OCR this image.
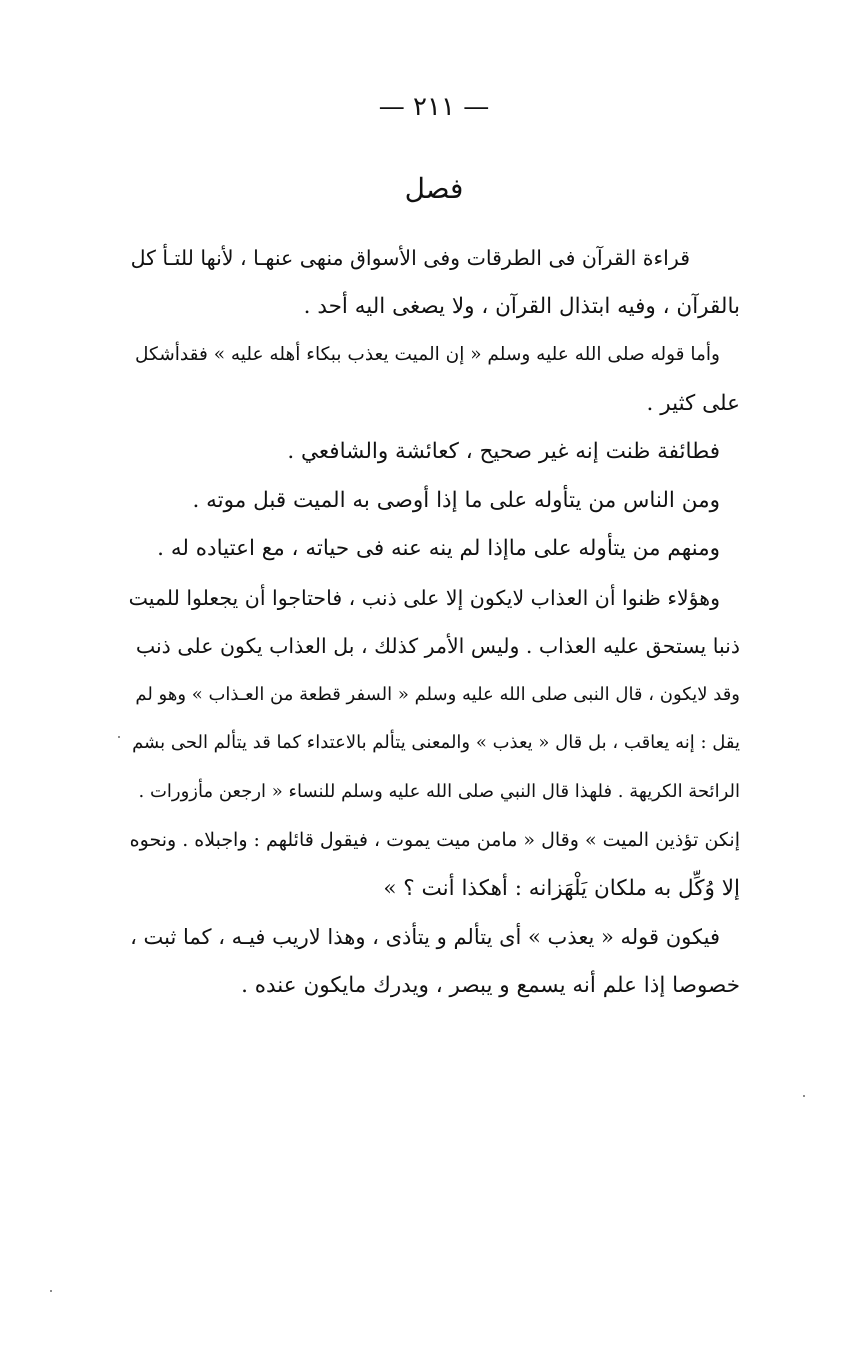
— ٢١١ —
فصل
قراءة القرآن فى الطرقات وفى الأسواق منهى عنهـا ، لأنها للتـأ كل
بالقرآن ، وفيه ابتذال القرآن ، ولا يصغى اليه أحد .
وأما قوله صلى الله عليه وسلم « إن الميت يعذب ببكاء أهله عليه » فقدأشكل
على كثير .
فطائفة ظنت إنه غير صحيح ، كعائشة والشافعي .
ومن الناس من يتأوله على ما إذا أوصى به الميت قبل موته .
ومنهم من يتأوله على ماإذا لم ينه عنه فى حياته ، مع اعتياده له .
وهؤلاء ظنوا أن العذاب لايكون إلا على ذنب ، فاحتاجوا أن يجعلوا للميت
ذنبا يستحق عليه العذاب . وليس الأمر كذلك ، بل العذاب يكون على ذنب
وقد لايكون ، قال النبى صلى الله عليه وسلم « السفر قطعة من العـذاب » وهو لم
يقل : إنه يعاقب ، بل قال « يعذب » والمعنى يتألم بالاعتداء كما قد يتألم الحى بشم
الرائحة الكريهة . فلهذا قال النبي صلى الله عليه وسلم للنساء « ارجعن مأزورات .
إنكن تؤذين الميت » وقال « مامن ميت يموت ، فيقول قائلهم : واجبلاه . ونحوه
إلا وُكِّل به ملكان يَلْهَزانه : أهكذا أنت ؟ »
فيكون قوله « يعذب » أى يتألم و يتأذى ، وهذا لاريب فيـه ، كما ثبت ،
خصوصا إذا علم أنه يسمع و يبصر ، ويدرك مايكون عنده .
